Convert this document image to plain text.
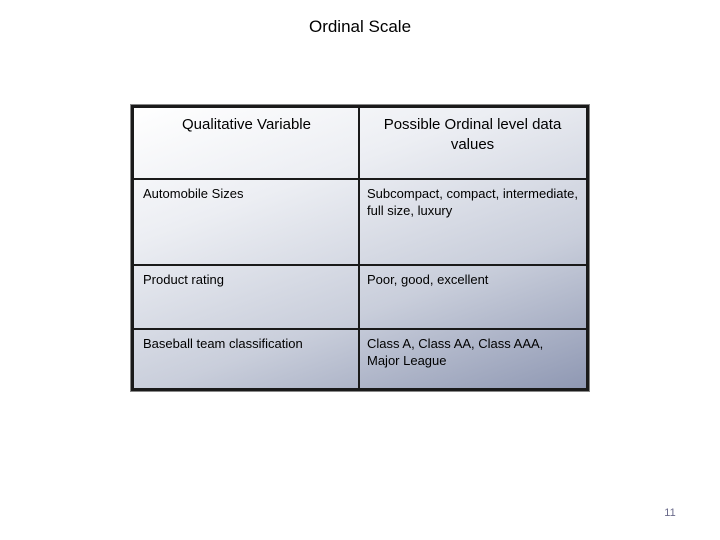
Ordinal Scale
Qualitative Variable	Possible Ordinal level data values
Automobile Sizes	Subcompact, compact, intermediate, full size, luxury
Product rating	Poor, good, excellent
Baseball team classification	Class A, Class AA, Class AAA, Major League
11
